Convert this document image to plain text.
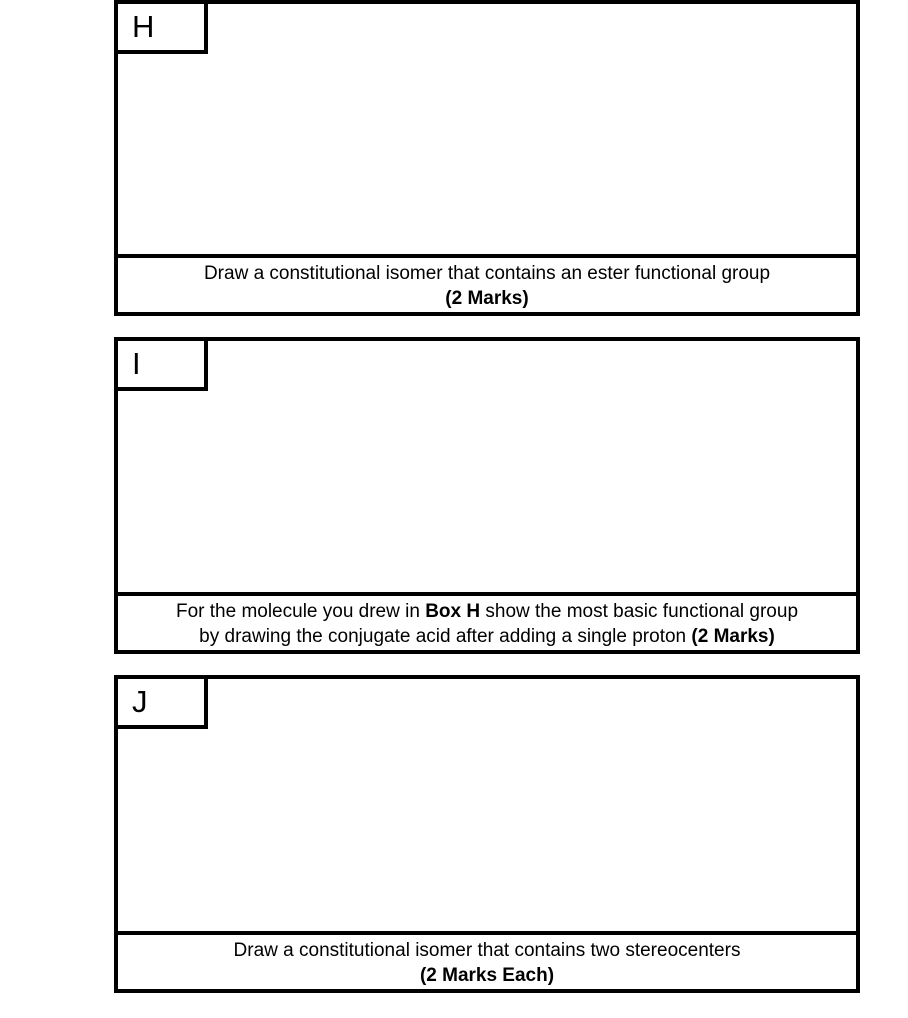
H
Draw a constitutional isomer that contains an ester functional group
(2 Marks)
I
For the molecule you drew in Box H show the most basic functional group
by drawing the conjugate acid after adding a single proton (2 Marks)
J
Draw a constitutional isomer that contains two stereocenters
(2 Marks Each)
